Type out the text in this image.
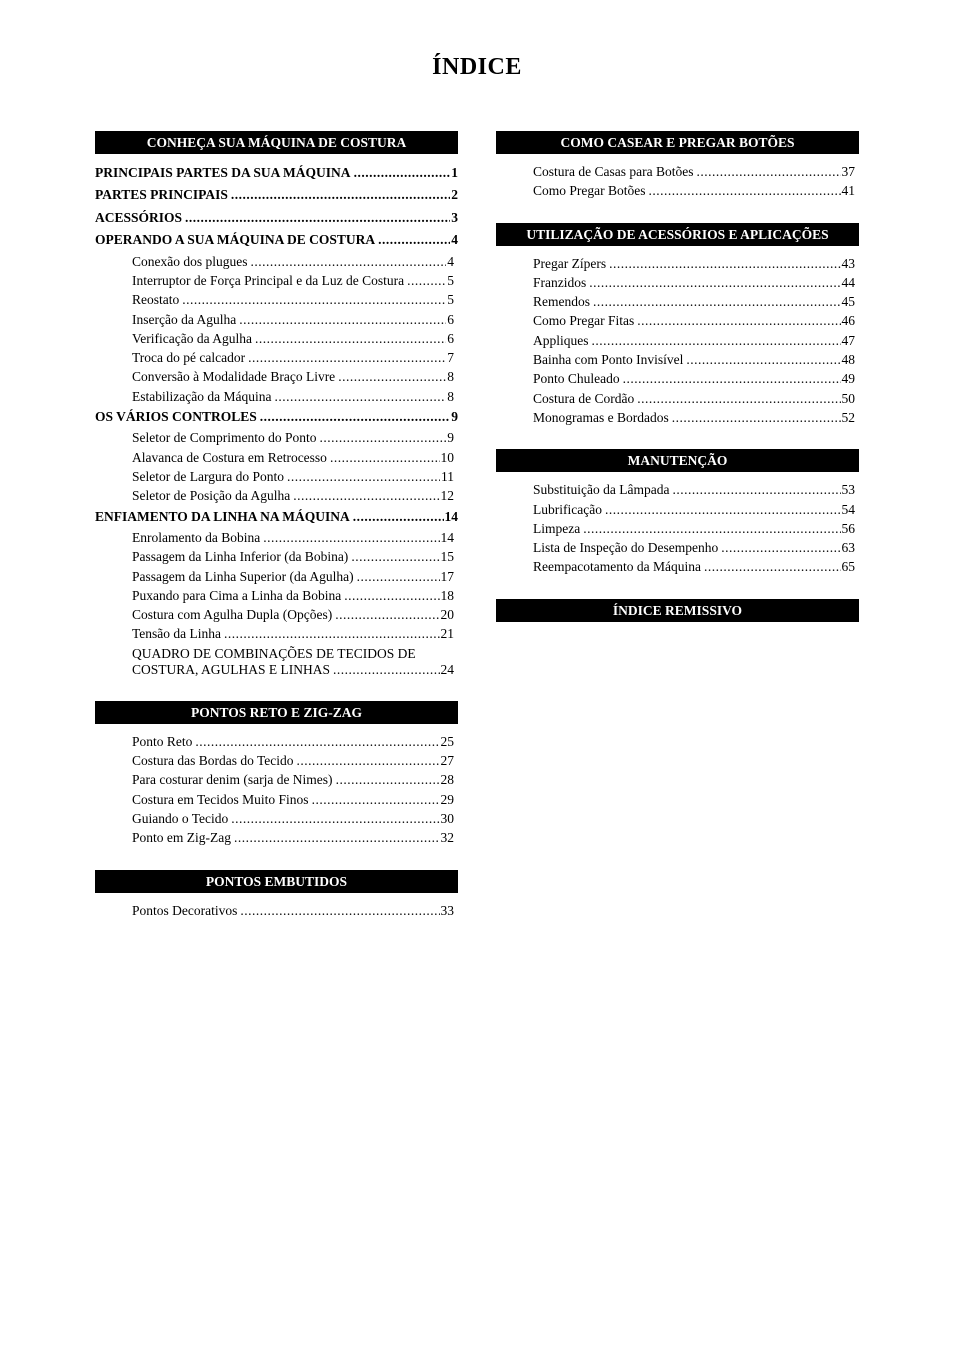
ÍNDICE
CONHEÇA SUA MÁQUINA DE COSTURA
PRINCIPAIS PARTES DA SUA MÁQUINA .....	1
PARTES PRINCIPAIS .....	2
ACESSÓRIOS .....	3
OPERANDO A SUA MÁQUINA DE COSTURA .....	4
Conexão dos plugues .....	4
Interruptor de Força Principal e da Luz de Costura .....	5
Reostato .....	5
Inserção da Agulha .....	6
Verificação da Agulha .....	6
Troca do pé calcador .....	7
Conversão à Modalidade Braço Livre .....	8
Estabilização da Máquina .....	8
OS VÁRIOS CONTROLES .....	9
Seletor de Comprimento do Ponto .....	9
Alavanca de Costura em Retrocesso .....	10
Seletor de Largura do Ponto .....	11
Seletor de Posição da Agulha .....	12
ENFIAMENTO DA LINHA NA MÁQUINA .....	14
Enrolamento da Bobina .....	14
Passagem da Linha Inferior (da Bobina) .....	15
Passagem da Linha Superior (da Agulha) .....	17
Puxando para Cima a Linha da Bobina .....	18
Costura com Agulha Dupla (Opções) .....	20
Tensão da Linha .....	21
QUADRO DE COMBINAÇÕES DE TECIDOS DE
COSTURA, AGULHAS E LINHAS .....	24
PONTOS RETO E ZIG-ZAG
Ponto Reto .....	25
Costura das Bordas do Tecido .....	27
Para costurar denim (sarja de Nimes) .....	28
Costura em Tecidos Muito Finos .....	29
Guiando o Tecido .....	30
Ponto em Zig-Zag .....	32
PONTOS EMBUTIDOS
Pontos Decorativos .....	33
COMO CASEAR E PREGAR BOTÕES
Costura de Casas para Botões .....	37
Como Pregar Botões .....	41
UTILIZAÇÃO DE ACESSÓRIOS E APLICAÇÕES
Pregar Zípers .....	43
Franzidos .....	44
Remendos .....	45
Como Pregar Fitas .....	46
Appliques .....	47
Bainha com Ponto Invisível .....	48
Ponto Chuleado .....	49
Costura de Cordão .....	50
Monogramas e Bordados .....	52
MANUTENÇÃO
Substituição da Lâmpada .....	53
Lubrificação .....	54
Limpeza .....	56
Lista de Inspeção do Desempenho .....	63
Reempacotamento da Máquina .....	65
ÍNDICE REMISSIVO
